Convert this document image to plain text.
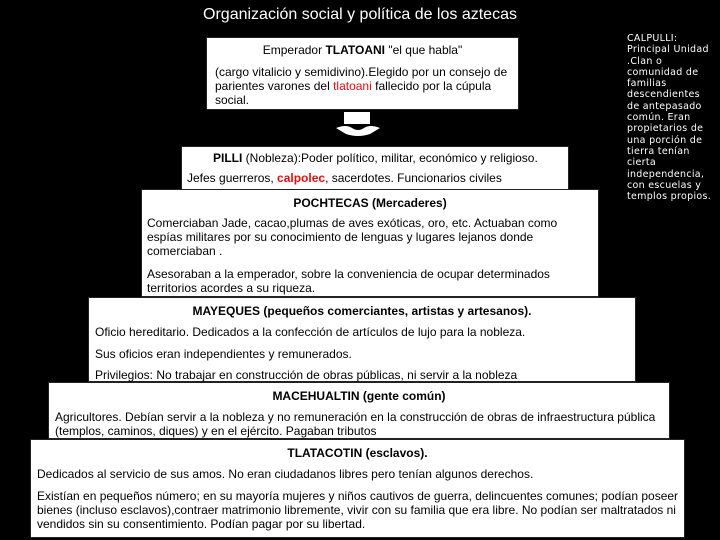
Organización social y política de los aztecas

Emperador TLATOANI "el que habla"

(cargo vitalicio y semidivino).Elegido por un consejo de parientes varones del tlatoani fallecido por la cúpula social.

PILLI (Nobleza):Poder político, militar, económico y religioso.

Jefes guerreros, calpolec, sacerdotes. Funcionarios civiles

POCHTECAS (Mercaderes)

Comerciaban Jade, cacao,plumas de aves exóticas, oro, etc. Actuaban como espías militares por su conocimiento de lenguas y lugares lejanos donde comerciaban .

Asesoraban a la emperador, sobre la conveniencia de ocupar determinados territorios acordes a su riqueza.

MAYEQUES (pequeños comerciantes, artistas y artesanos).

Oficio hereditario. Dedicados a la confección de artículos de lujo para la nobleza.

Sus oficios eran independientes y remunerados.

Privilegios: No trabajar en construcción de obras públicas, ni servir a la nobleza

MACEHUALTIN (gente común)

Agricultores. Debían servir a la nobleza y no remuneración en la construcción de obras de infraestructura pública (templos, caminos, diques) y en el ejército. Pagaban tributos

TLATACOTIN (esclavos).

Dedicados al servicio de sus amos. No eran ciudadanos libres pero tenían algunos derechos.

Existían en pequeños número; en su mayoría mujeres y niños cautivos de guerra, delincuentes comunes; podían poseer bienes (incluso esclavos),contraer matrimonio libremente, vivir con su familia que era libre. No podían ser maltratados ni vendidos sin su consentimiento. Podían pagar por su libertad.

CALPULLI: Principal Unidad .Clan o comunidad de familias descendientes de antepasado común. Eran propietarios de una porción de tierra tenían cierta independencia, con escuelas y templos propios.
